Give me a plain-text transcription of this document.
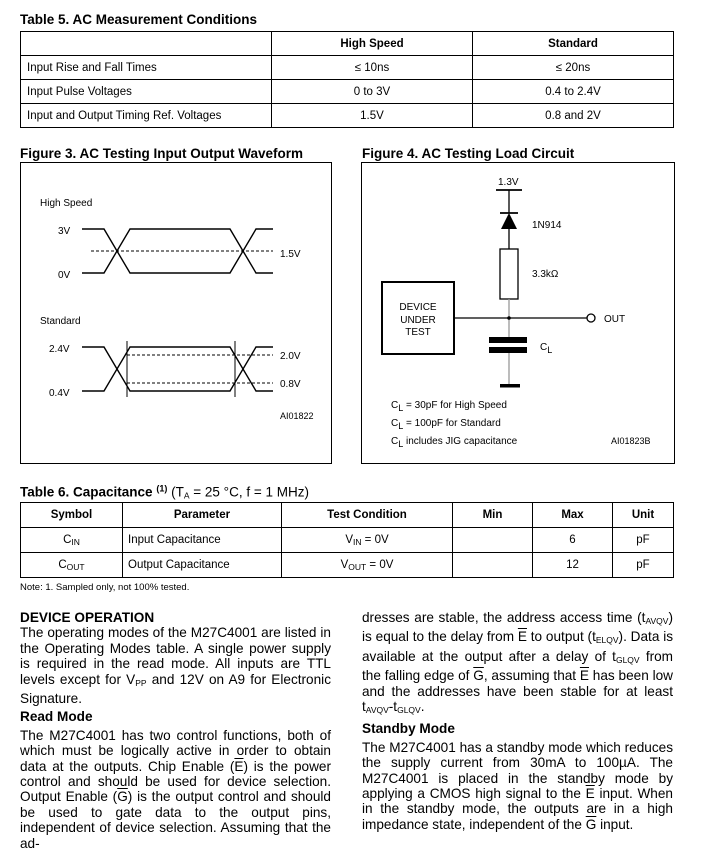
Table 5. AC Measurement Conditions
	High Speed	Standard
Input Rise and Fall Times	≤ 10ns	≤ 20ns
Input Pulse Voltages	0 to 3V	0.4 to 2.4V
Input and Output Timing Ref. Voltages	1.5V	0.8 and 2V
Figure 3. AC Testing Input Output Waveform
High Speed
3V
0V
1.5V
Standard
2.4V
0.4V
2.0V
0.8V
AI01822
Figure 4. AC Testing Load Circuit
1.3V
1N914
3.3kΩ
DEVICE
UNDER
TEST
OUT
CL
CL = 30pF for High Speed
CL = 100pF for Standard
CL includes JIG capacitance	AI01823B
Table 6. Capacitance $^{(1)}$ ($T_A = 25$ °C, f = 1 MHz)
Symbol	Parameter	Test Condition	Min	Max	Unit
$C_{IN}$	Input Capacitance	$V_{IN} = 0V$		6	pF
$C_{OUT}$	Output Capacitance	$V_{OUT} = 0V$		12	pF
Note: 1. Sampled only, not 100% tested.
DEVICE OPERATION

The operating modes of the M27C4001 are listed in the Operating Modes table. A single power supply is required in the read mode. All inputs are TTL levels except for $V_{PP}$ and 12V on A9 for Electronic Signature.

Read Mode

The M27C4001 has two control functions, both of which must be logically active in order to obtain data at the outputs. Chip Enable $(\overline{E})$ is the power control and should be used for device selection. Output Enable $(\overline{G})$ is the output control and should be used to gate data to the output pins, independent of device selection. Assuming that the ad-

dresses are stable, the address access time $(t_{AVQV})$ is equal to the delay from $\overline{E}$ to output $(t_{ELQV})$. Data is available at the output after a delay of $t_{GLQV}$ from the falling edge of $\overline{G}$, assuming that $\overline{E}$ has been low and the addresses have been stable for at least $t_{AVQV}-t_{GLQV}$.

Standby Mode

The M27C4001 has a standby mode which reduces the supply current from 30mA to 100µA. The M27C4001 is placed in the standby mode by applying a CMOS high signal to the $\overline{E}$ input. When in the standby mode, the outputs are in a high impedance state, independent of the $\overline{G}$ input.
